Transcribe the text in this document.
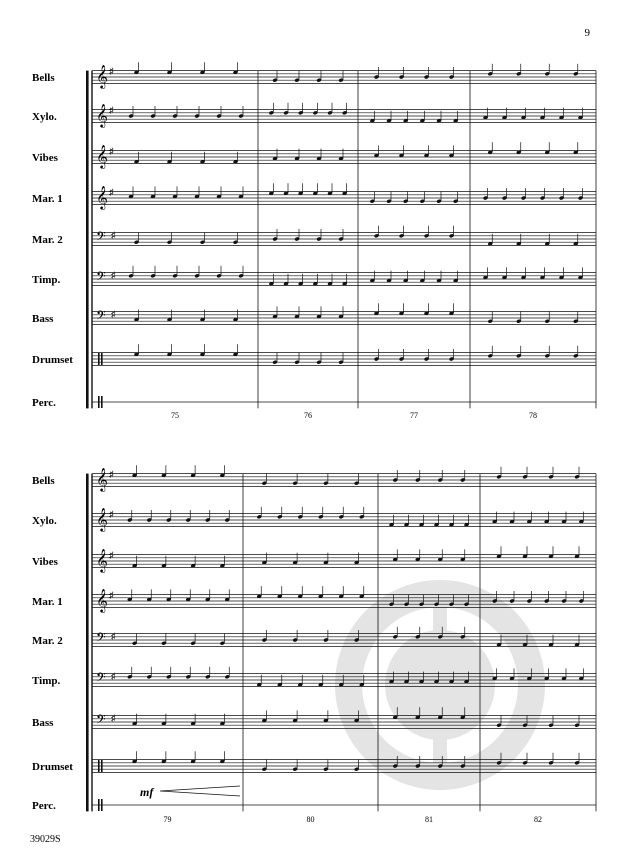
9
39029S
𝄞 ♯
𝄞 ♯
𝄞 ♯
𝄞 ♯
𝄢 ♯
𝄢 ♯
𝄢 ♯
𝄞 ♯
𝄞 ♯
𝄞 ♯
𝄞 ♯
𝄢 ♯
𝄢 ♯
𝄢 ♯
Bells
Xylo.
Vibes
Mar. 1
Mar. 2
Timp.
Bass
Drumset
Perc.
75	76	77	78
Bells
Xylo.
Vibes
Mar. 1
Mar. 2
Timp.
Bass
Drumset
Perc.
79	80	81	82
mf
